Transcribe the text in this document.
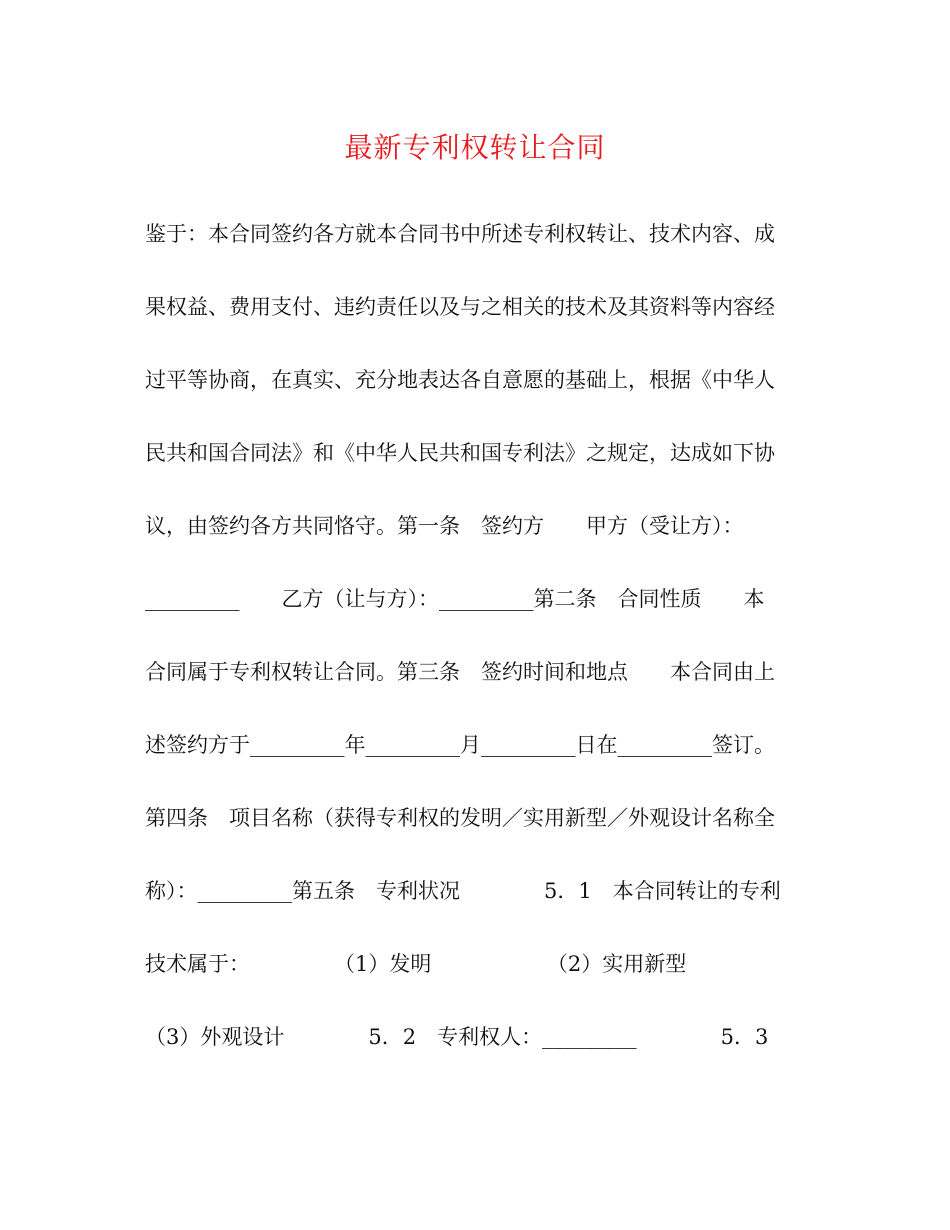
最新专利权转让合同
鉴于：本合同签约各方就本合同书中所述专利权转让、技术内容、成
果权益、费用支付、违约责任以及与之相关的技术及其资料等内容经
过平等协商，在真实、充分地表达各自意愿的基础上，根据《中华人
民共和国合同法》和《中华人民共和国专利法》之规定，达成如下协
议，由签约各方共同恪守。第一条　签约方　　甲方（受让方）：
_________　　乙方（让与方）：_________第二条　合同性质　　本
合同属于专利权转让合同。第三条　签约时间和地点　　本合同由上
述签约方于_________年_________月_________日在_________签订。
第四条　项目名称（获得专利权的发明／实用新型／外观设计名称全
称）：_________第五条　专利状况　　　　5．1　本合同转让的专利
技术属于：　　　　　（1）发明　　　　　　（2）实用新型
（3）外观设计　　　　5．2　专利权人：_________　　　　5．3
